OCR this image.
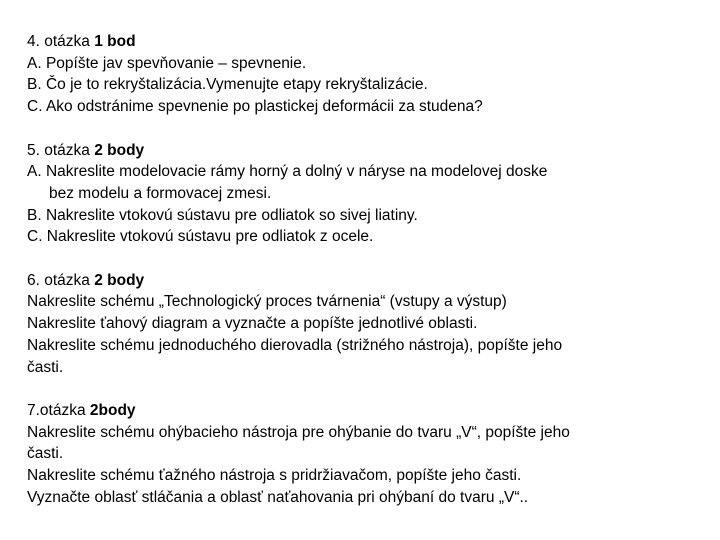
4. otázka 1 bod
A. Popíšte jav spevňovanie – spevnenie.
B. Čo je to rekryštalizácia.Vymenujte etapy rekryštalizácie.
C. Ako odstránime spevnenie po plastickej deformácii za studena?
5. otázka 2 body
A. Nakreslite modelovacie rámy horný a dolný v náryse na modelovej doske
bez modelu a formovacej zmesi.
B. Nakreslite vtokovú sústavu pre odliatok so sivej liatiny.
C. Nakreslite vtokovú sústavu pre odliatok z ocele.
6. otázka 2 body
Nakreslite schému „Technologický proces tvárnenia“ (vstupy a výstup)
Nakreslite ťahový diagram a vyznačte a popíšte jednotlivé oblasti.
Nakreslite schému jednoduchého dierovadla (strižného nástroja), popíšte jeho
časti.
7.otázka 2body
Nakreslite schému ohýbacieho nástroja pre ohýbanie do tvaru „V“, popíšte jeho
časti.
Nakreslite schému ťažného nástroja s pridržiavačom, popíšte jeho časti.
Vyznačte oblasť stláčania a oblasť naťahovania pri ohýbaní do tvaru „V“..
